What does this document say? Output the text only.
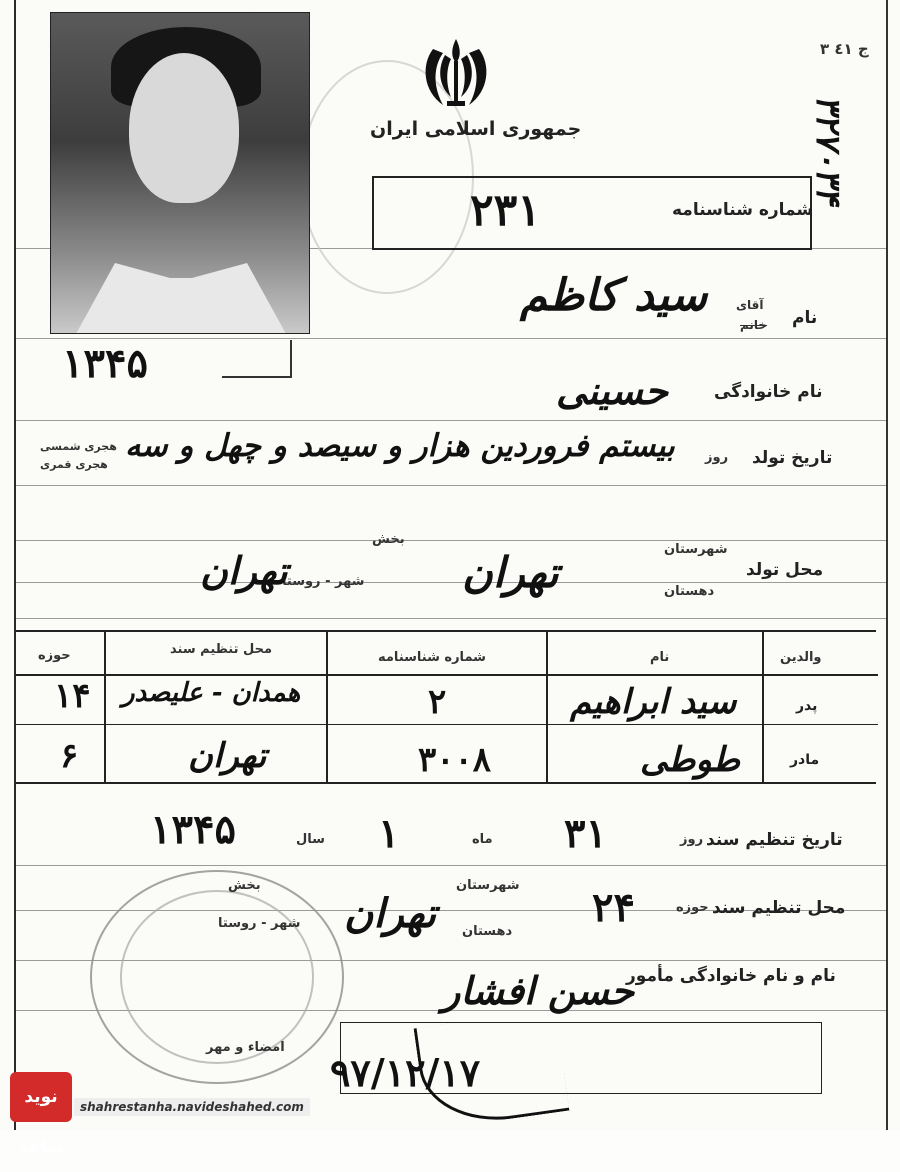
جمهوری اسلامی ایران
ج ٤۱ ٣
۳۲۷۰۳۴
شماره شناسنامه
۲۳۱
نام
آقای
خانم
سید کاظم
۱۳۴۵
نام خانوادگی
حسینی
تاریخ تولد
روز
بیستم فروردین هزار و سیصد و چهل و سه
هجری شمسی
هجری قمری
بخش
محل تولد
شهرستان
دهستان
شهر - روستا تهران
تهران
والدین
نام
شماره شناسنامه
محل تنظیم سند
حوزه
پدر
سید ابراهیم
۲
همدان - علیصدر
۱۴
مادر
طوطی
۳۰۰۸
تهران
۶
تاریخ تنظیم سند
روز
۳۱
ماه
۱
سال
۱۳۴۵
محل تنظیم سند
حوزه
۲۴
شهرستان
دهستان
تهران
بخش
شهر - روستا
نام و نام خانوادگی مأمور
حسن افشار
امضاء و مهر
۹۷/۱۲/۱۷
نوید شاهد
shahrestanha.navideshahed.com
